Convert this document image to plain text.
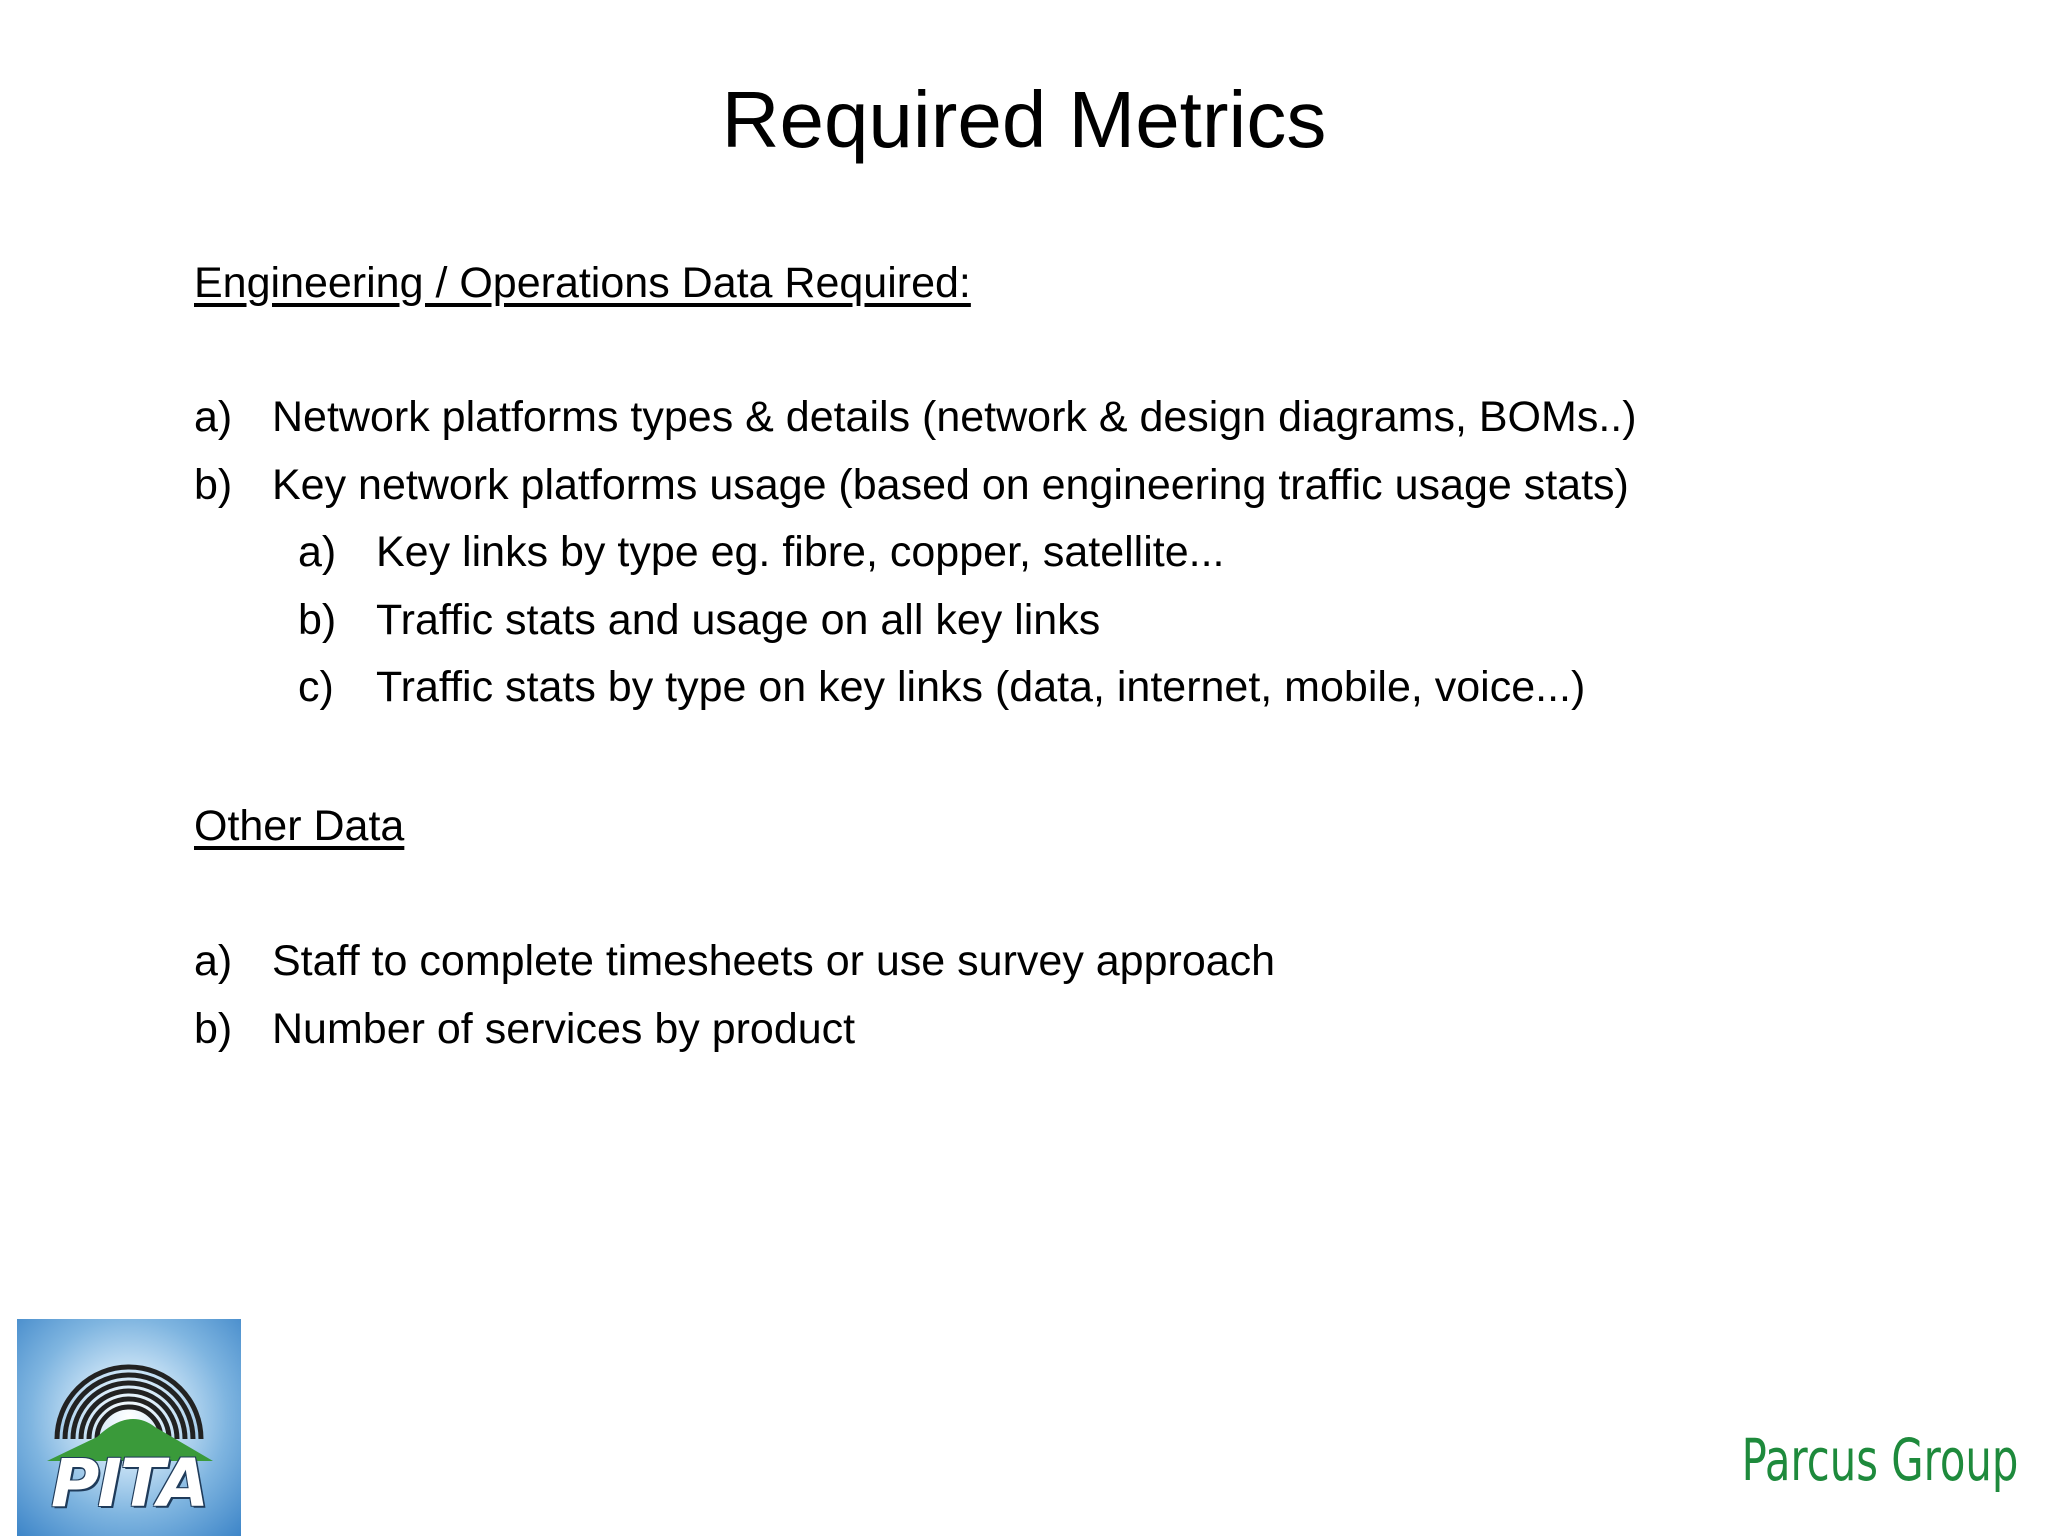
Required Metrics
Engineering / Operations Data Required:
a) Network platforms types & details (network & design diagrams, BOMs..)
b) Key network platforms usage (based on engineering traffic usage stats)
a) Key links by type eg. fibre, copper, satellite...
b) Traffic stats and usage on all key links
c) Traffic stats by type on key links (data, internet, mobile, voice...)
Other Data
a) Staff to complete timesheets or use survey approach
b) Number of services by product
PITA	Parcus Group
